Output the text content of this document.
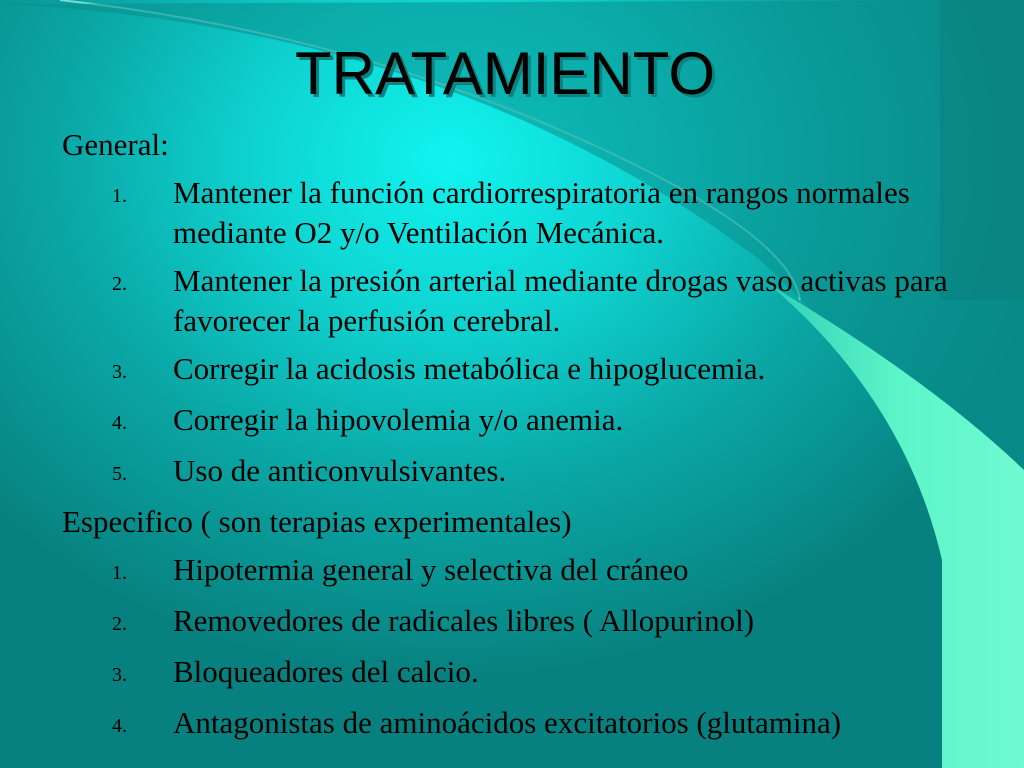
TRATAMIENTO

General:

1.	Mantener la función cardiorrespiratoria en rangos normales mediante O2 y/o Ventilación Mecánica.
2.	Mantener la presión arterial mediante drogas vaso activas para favorecer la perfusión cerebral.
3.	Corregir la acidosis metabólica e hipoglucemia.
4.	Corregir la hipovolemia y/o anemia.
5.	Uso de anticonvulsivantes.

Especifico ( son terapias experimentales)

1.	Hipotermia general y selectiva del cráneo
2.	Removedores de radicales libres ( Allopurinol)
3.	Bloqueadores del calcio.
4.	Antagonistas de aminoácidos excitatorios (glutamina)
